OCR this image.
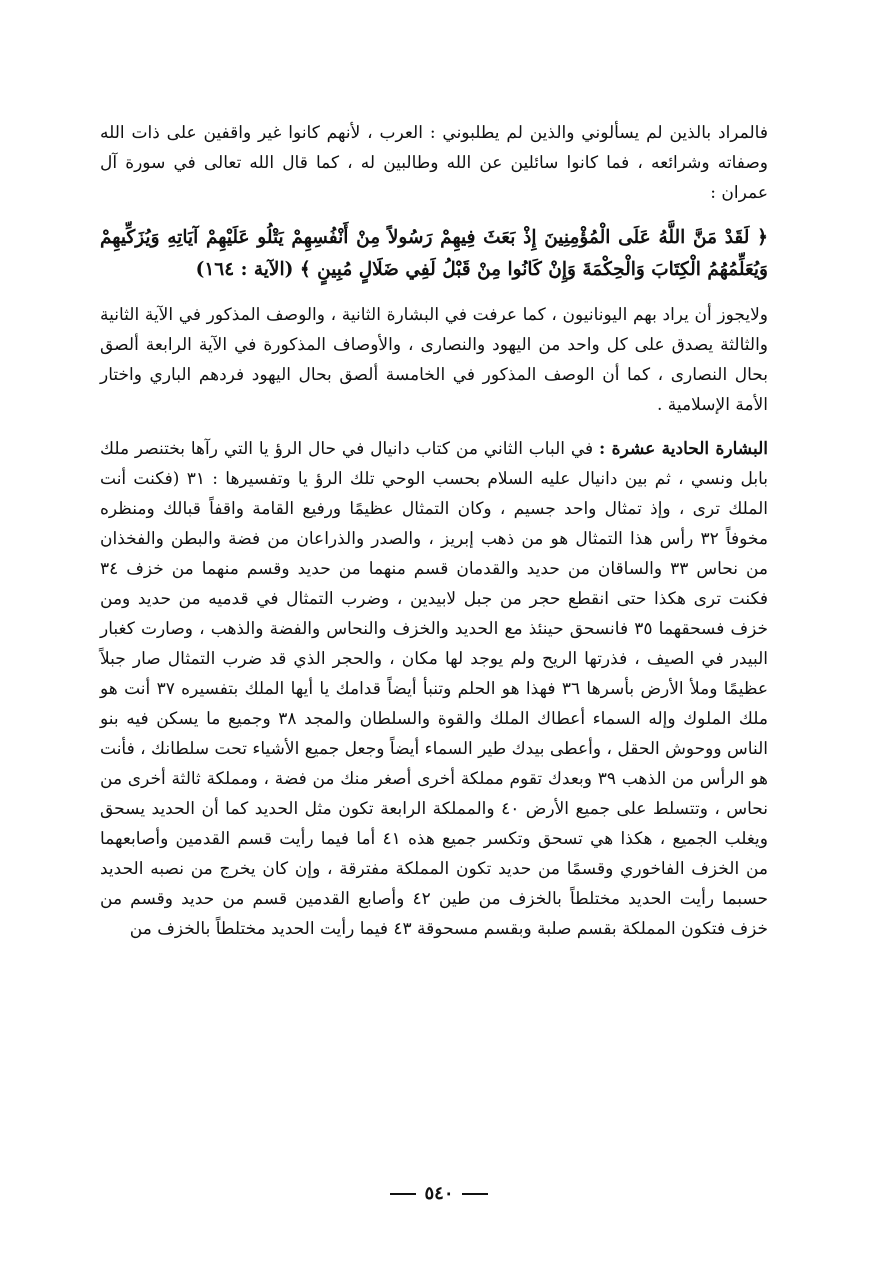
فالمراد بالذين لم يسألوني والذين لم يطلبوني : العرب ، لأنهم كانوا غير واقفين على ذات الله وصفاته وشرائعه ، فما كانوا سائلين عن الله وطالبين له ، كما قال الله تعالى في سورة آل عمران :

﴿ لَقَدْ مَنَّ اللَّهُ عَلَى الْمُؤْمِنِينَ إِذْ بَعَثَ فِيهِمْ رَسُولاً مِنْ أَنْفُسِهِمْ يَتْلُو عَلَيْهِمْ آيَاتِهِ وَيُزَكِّيهِمْ وَيُعَلِّمُهُمُ الْكِتَابَ وَالْحِكْمَةَ وَإِنْ كَانُوا مِنْ قَبْلُ لَفِي ضَلَالٍ مُبِينٍ ﴾ (الآية : ١٦٤)

ولايجوز أن يراد بهم اليونانيون ، كما عرفت في البشارة الثانية ، والوصف المذكور في الآية الثانية والثالثة يصدق على كل واحد من اليهود والنصارى ، والأوصاف المذكورة في الآية الرابعة ألصق بحال النصارى ، كما أن الوصف المذكور في الخامسة ألصق بحال اليهود فردهم الباري واختار الأمة الإسلامية .

البشارة الحادية عشرة : في الباب الثاني من كتاب دانيال في حال الرؤ يا التي رآها بختنصر ملك بابل ونسي ، ثم بين دانيال عليه السلام بحسب الوحي تلك الرؤ يا وتفسيرها : ٣١ (فكنت أنت الملك ترى ، وإذ تمثال واحد جسيم ، وكان التمثال عظيمًا ورفيع القامة واقفاً قبالك ومنظره مخوفاً ٣٢ رأس هذا التمثال هو من ذهب إبريز ، والصدر والذراعان من فضة والبطن والفخذان من نحاس ٣٣ والساقان من حديد والقدمان قسم منهما من حديد وقسم منهما من خزف ٣٤ فكنت ترى هكذا حتى انقطع حجر من جبل لابيدين ، وضرب التمثال في قدميه من حديد ومن خزف فسحقهما ٣٥ فانسحق حينئذ مع الحديد والخزف والنحاس والفضة والذهب ، وصارت كغبار البيدر في الصيف ، فذرتها الريح ولم يوجد لها مكان ، والحجر الذي قد ضرب التمثال صار جبلاً عظيمًا وملأ الأرض بأسرها ٣٦ فهذا هو الحلم وتنبأ أيضاً قدامك يا أيها الملك بتفسيره ٣٧ أنت هو ملك الملوك وإله السماء أعطاك الملك والقوة والسلطان والمجد ٣٨ وجميع ما يسكن فيه بنو الناس ووحوش الحقل ، وأعطى بيدك طير السماء أيضاً وجعل جميع الأشياء تحت سلطانك ، فأنت هو الرأس من الذهب ٣٩ وبعدك تقوم مملكة أخرى أصغر منك من فضة ، ومملكة ثالثة أخرى من نحاس ، وتتسلط على جميع الأرض ٤٠ والمملكة الرابعة تكون مثل الحديد كما أن الحديد يسحق ويغلب الجميع ، هكذا هي تسحق وتكسر جميع هذه ٤١ أما فيما رأيت قسم القدمين وأصابعهما من الخزف الفاخوري وقسمًا من حديد تكون المملكة مفترقة ، وإن كان يخرج من نصبه الحديد حسبما رأيت الحديد مختلطاً بالخزف من طين ٤٢ وأصابع القدمين قسم من حديد وقسم من خزف فتكون المملكة بقسم صلبة وبقسم مسحوقة ٤٣ فيما رأيت الحديد مختلطاً بالخزف من

٥٤٠
